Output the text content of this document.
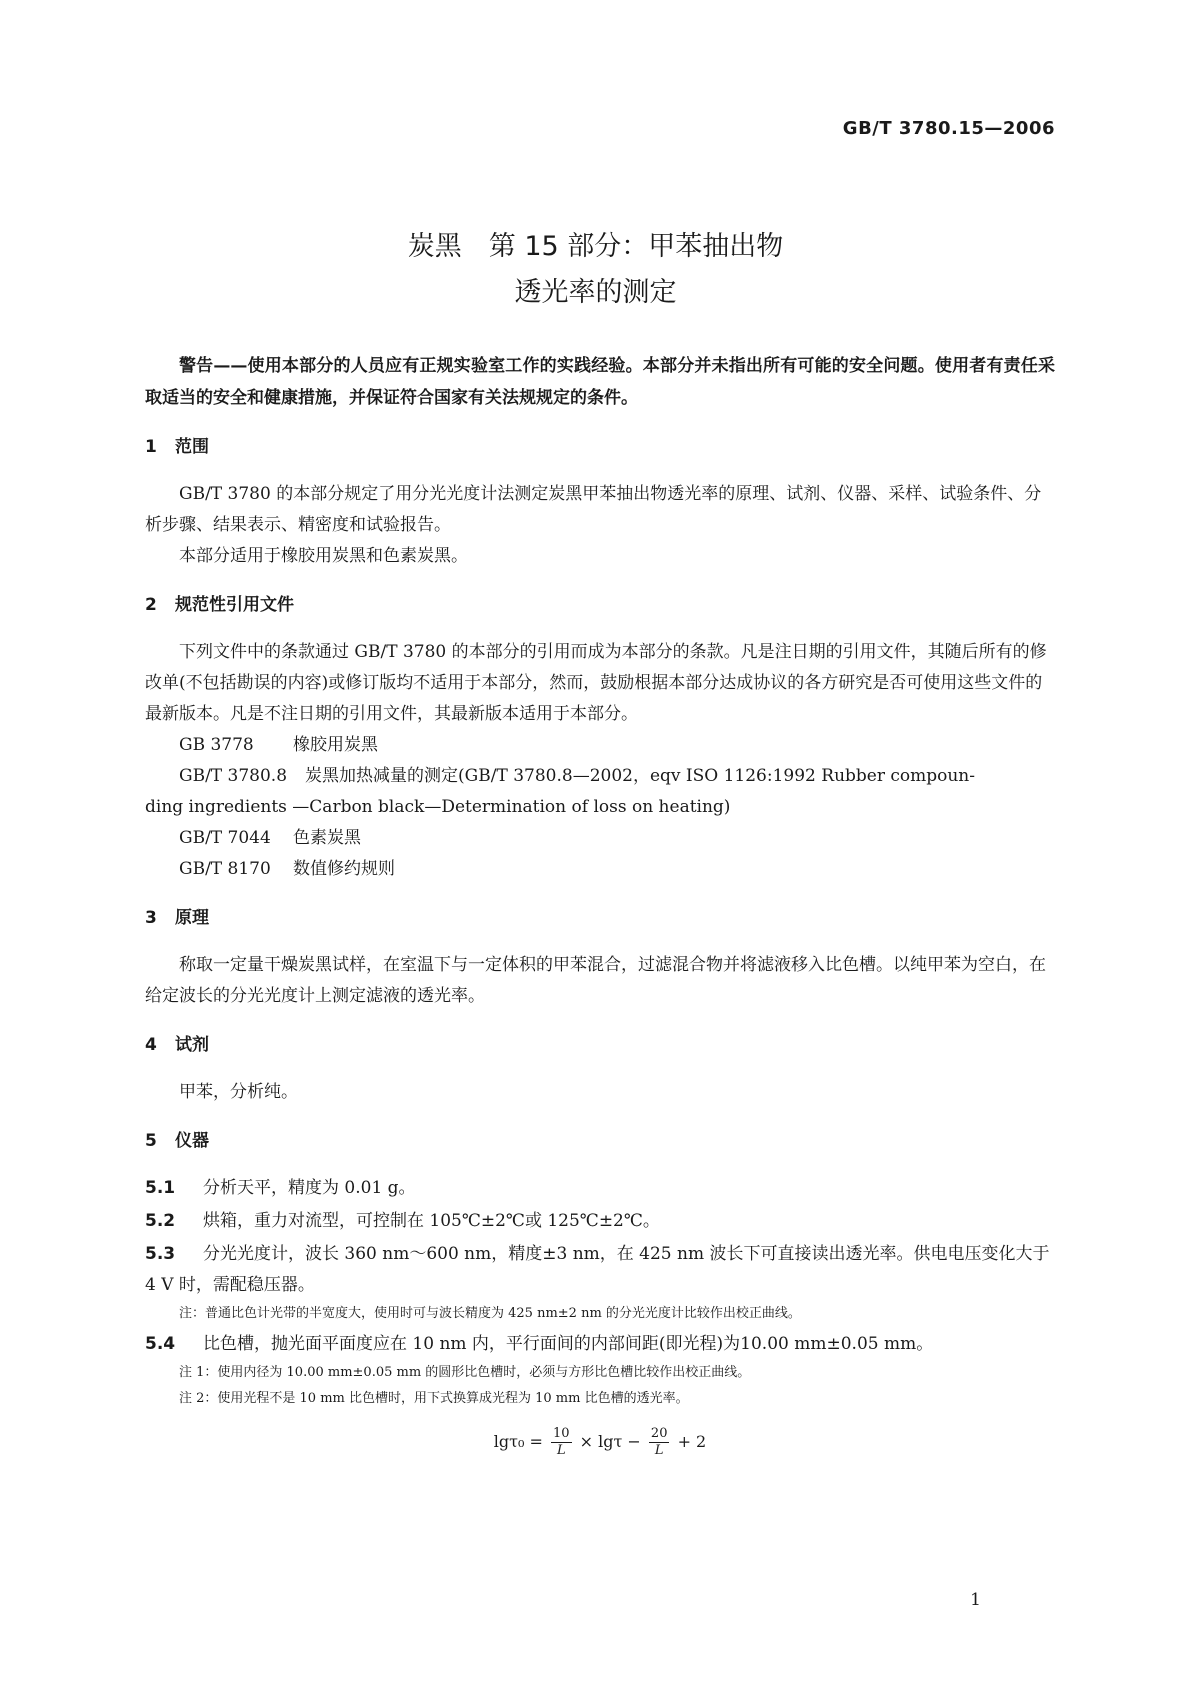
GB/T 3780.15—2006
炭黑　第 15 部分：甲苯抽出物
透光率的测定

警告——使用本部分的人员应有正规实验室工作的实践经验。本部分并未指出所有可能的安全问题。使用者有责任采取适当的安全和健康措施，并保证符合国家有关法规规定的条件。

1 范围

GB/T 3780 的本部分规定了用分光光度计法测定炭黑甲苯抽出物透光率的原理、试剂、仪器、采样、试验条件、分析步骤、结果表示、精密度和试验报告。

本部分适用于橡胶用炭黑和色素炭黑。

2 规范性引用文件

下列文件中的条款通过 GB/T 3780 的本部分的引用而成为本部分的条款。凡是注日期的引用文件，其随后所有的修改单(不包括勘误的内容)或修订版均不适用于本部分，然而，鼓励根据本部分达成协议的各方研究是否可使用这些文件的最新版本。凡是不注日期的引用文件，其最新版本适用于本部分。

GB 3778 橡胶用炭黑
GB/T 3780.8 炭黑加热减量的测定(GB/T 3780.8—2002，eqv ISO 1126:1992 Rubber compoun-
ding ingredients —Carbon black—Determination of loss on heating)
GB/T 7044 色素炭黑
GB/T 8170 数值修约规则
3 原理

称取一定量干燥炭黑试样，在室温下与一定体积的甲苯混合，过滤混合物并将滤液移入比色槽。以纯甲苯为空白，在给定波长的分光光度计上测定滤液的透光率。

4 试剂

甲苯，分析纯。

5 仪器
5.1 分析天平，精度为 0.01 g。
5.2 烘箱，重力对流型，可控制在 105℃±2℃或 125℃±2℃。
5.3 分光光度计，波长 360 nm～600 nm，精度±3 nm，在 425 nm 波长下可直接读出透光率。供电电压变化大于 4 V 时，需配稳压器。
注：普通比色计光带的半宽度大，使用时可与波长精度为 425 nm±2 nm 的分光光度计比较作出校正曲线。
5.4 比色槽，抛光面平面度应在 10 nm 内，平行面间的内部间距(即光程)为10.00 mm±0.05 mm。
注 1：使用内径为 10.00 mm±0.05 mm 的圆形比色槽时，必须与方形比色槽比较作出校正曲线。
注 2：使用光程不是 10 mm 比色槽时，用下式换算成光程为 10 mm 比色槽的透光率。
$\lg\tau_0 = \frac{10}{L} \times \lg\tau - \frac{20}{L} + 2$
1
